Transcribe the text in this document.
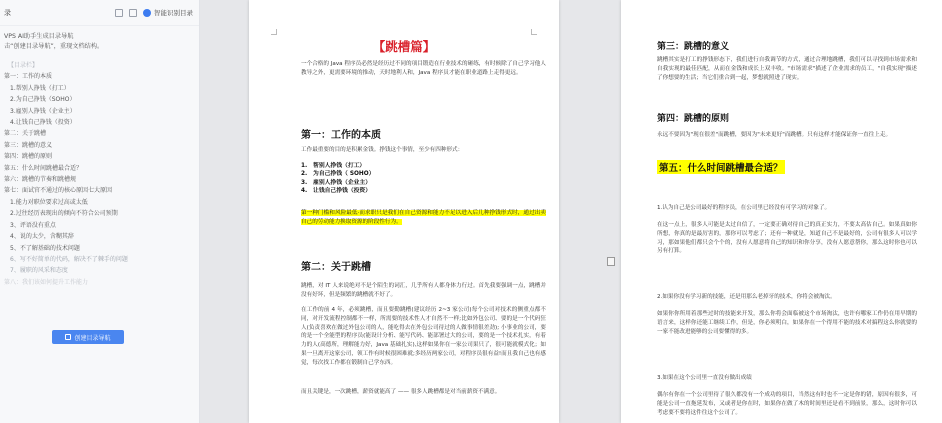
录	智能识别目录
VPS AI助手生成目录导航
击“创建目录导航”，重现文档结构。
【目录栏】
第一：工作的本质
1.帮别人挣钱（打工）
2.为自己挣钱（SOHO）
3.雇别人挣钱（企业主）
4.让钱自己挣钱（投资）
第二：关于跳槽
第三：跳槽的意义
第四：跳槽的原则
第五：什么时间跳槽最合适？
第六：跳槽的节奏和跳槽规
第七：面试官不通过的核心原因七大原因
1.能力对职位要求过高或太低
2.过往经历表现出的倾向不符合公司预期
3、评语没有重点
4、说的太少，含糊其辞
5、不了解基础的技术问题
6、写不好简单的代码，解决不了棘手的问题
7、履职的风采和态度
第八：我们该如何提升工作能力
创建目录导航
【跳槽篇】
一个合格的 Java 程序员必然是经历过不同的项目锻造在行业技术的砸练，有时候除了自己学习他人教导之外，更需要环境的推动，天时地利人和，Java 程序员才能在职业道路上走得更远。
第一：工作的本质
工作最重要的目的是积累金钱。挣钱这个事情，至少有四种形式：
1.　帮别人挣钱（打工）
2.　为自己挣钱（ SOHO）
3.　雇别人挣钱（企业主）
4.　让钱自己挣钱（投资）
第一种门槛和风险最低·而求职只是我们在自己资源和能力不足以进入后几种挣钱形式时，通过出卖自己的劳动能力换取资源的阶段性行为。
第二：关于跳槽
跳槽，对 IT 人来说绝对不是个陌生的词汇，几乎所有人都身体力行过。首先我要强调一点，跳槽并没有好坏，但是频繁的跳槽就不好了。
在工作的前 4 年，必须跳槽，而且要勤跳槽(建议经历 2~3 家公司)每个公司对技术的侧重点都不同，对开发流程控制都不一样，所需要的技术性人才自然不一样;比如外包公司、要的是一个代码狂人(负责喜欢在做过外包公司的人，能吃得去在外包公司待过的人做事情很差劲); 小事业的公司，要的是一个全能型的程序员(能设计分析、能写代码、能部署过大的公司，要的是一个技术扎实，有着力的人(高德所，理解能力好，Java 基础扎实),这样如果你在一家公司果只了，很可能就模式化；如果一旦离开这家公司，领工作有时候很困难就;多经历两家公司，对程序员很有益!而且我自己也有感觉，每次找工作都在锻制自己学东西。
而且关键是，一次跳槽，薪资就能高了 —— 很多人跳槽都是对当前薪资不满意。
第三：跳槽的意义
跳槽其实是打工的挣钱形态下，我们进行自我调节的方式，通过合理地跳槽，我们可以寻找到市场需求和自我实现的最佳匹配，从而在金钱和成长上双丰收。"市场需求"描述了企业需求的员工，"自我实现"描述了你想要的生活；当它们重合到一起，梦想就照进了现实。
第四：跳槽的原则
永远不要因为"现在很差"而跳槽，要因为"未来更好"而跳槽。只有这样才能保证你一直往上走。
第五：什么时间跳槽最合适？
1.认为自己是公司最好的程序员，在公司里已经没有可学习的对象了。
在这一点上，很多人可能是太过自信了，一定要正确对待自己的真正实力，不要太高估自己。如果真如你所想，你真的是最厉害的，那你可以考虑了；还有一种就是，知道自己不是最好的，公司有很多人可以学习，那如果他们都只会个个的，没有人愿意将自己的知识和你分享，没有人愿意帮你，那么这时你也可以另有打算。
2.如果你没有学习新的技能，还是用那么老掉牙的技术，你将会被淘汰。
如果你你所用着那些过时的技能来开发，那么你将会面临被这个市场淘汰，也许有哪家工作仍在用早期的语言来，这样你还能工继续工作，但是，你必须明白，如果你在一个得用不能的技术对搞程这么你就要的一家不能改进能够的公司要懂得的多。
3.如果在这个公司里一直没有做出成绩
偶尔有你在一个公司里待了很久都没有一个成功的项目，当然这有时也不一定是你的错，原因有很多，可能是公司一直拖延发布，又或者是你在时，如果你在做了木的时间里还是看不到前景，那么，这时你可以考虑要不要将这件往这个公司了。
